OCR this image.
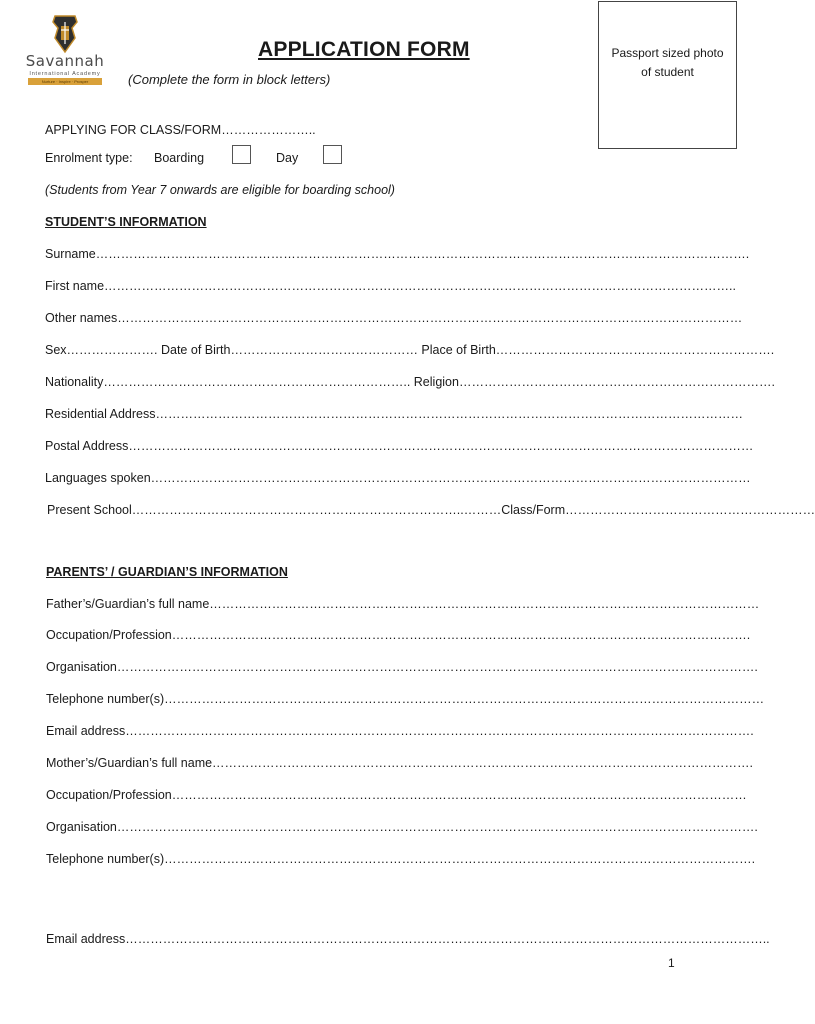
Savannah
International Academy
Nurture · Inspire · Prosper
APPLICATION FORM
(Complete the form in block letters)
Passport sized photo
of student
APPLYING FOR CLASS/FORM…………………..
Enrolment type: Boarding	Day
(Students from Year 7 onwards are eligible for boarding school)
STUDENT’S INFORMATION
Surname………………………………………………………………………………………………………………………………………….
First name……………………………………………………………………………………………………………………………………..
Other names……………………………………………………………………………………………………………………………………
Sex…………………. Date of Birth……………………………………… Place of Birth………………………………………………………….
Nationality……………………………………………………………….. Religion………………………………………………………………….
Residential Address……………………………………………………………………………………………………………………………
Postal Address……………………………………………………………………………………………………………………………………
Languages spoken………………………………………………………………………………………………………………………………
Present School……………………………………………………………………..………Class/Form……………………………………………………
PARENTS’ / GUARDIAN’S INFORMATION
Father’s/Guardian’s full name……………………………………………………………………………………………………………………
Occupation/Profession………………………………………………………………………………………………………………………….
Organisation……………………………………………………………………………………………………………………………………….
Telephone number(s)………………………………………………………………………………………………………………………………
Email address…………………………………………………………………………………………………………………………………….
Mother’s/Guardian’s full name………………………………………………………………………………………………………………….
Occupation/Profession…………………………………………………………………………………………………………………………
Organisation……………………………………………………………………………………………………………………………………….
Telephone number(s)…………………………………………………………………………………………………………………………….
Email address………………………………………………………………………………………………………………………………………..
1
